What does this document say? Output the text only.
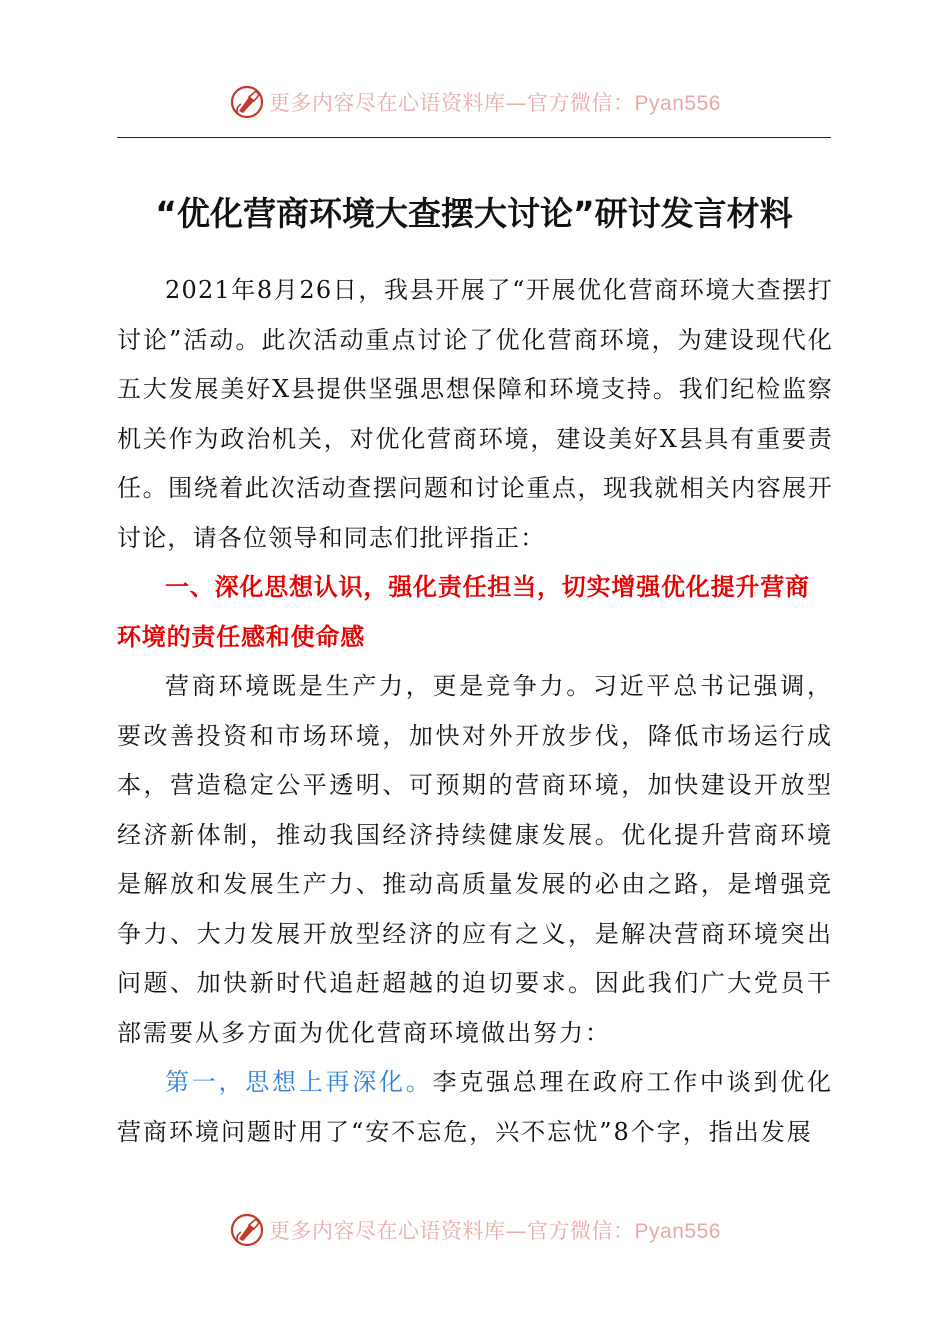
更多内容尽在心语资料库—官方微信：Pyan556
“优化营商环境大查摆大讨论”研讨发言材料

2021年8月26日，我县开展了“开展优化营商环境大查摆打讨论”活动。此次活动重点讨论了优化营商环境，为建设现代化五大发展美好X县提供坚强思想保障和环境支持。我们纪检监察机关作为政治机关，对优化营商环境，建设美好X县具有重要责任。围绕着此次活动查摆问题和讨论重点，现我就相关内容展开讨论，请各位领导和同志们批评指正：

一、深化思想认识，强化责任担当，切实增强优化提升营商环境的责任感和使命感

营商环境既是生产力，更是竞争力。习近平总书记强调，要改善投资和市场环境，加快对外开放步伐，降低市场运行成本，营造稳定公平透明、可预期的营商环境，加快建设开放型经济新体制，推动我国经济持续健康发展。优化提升营商环境是解放和发展生产力、推动高质量发展的必由之路，是增强竞争力、大力发展开放型经济的应有之义，是解决营商环境突出问题、加快新时代追赶超越的迫切要求。因此我们广大党员干部需要从多方面为优化营商环境做出努力：

第一，思想上再深化。李克强总理在政府工作中谈到优化营商环境问题时用了“安不忘危，兴不忘忧”8个字，指出发展

更多内容尽在心语资料库—官方微信：Pyan556
